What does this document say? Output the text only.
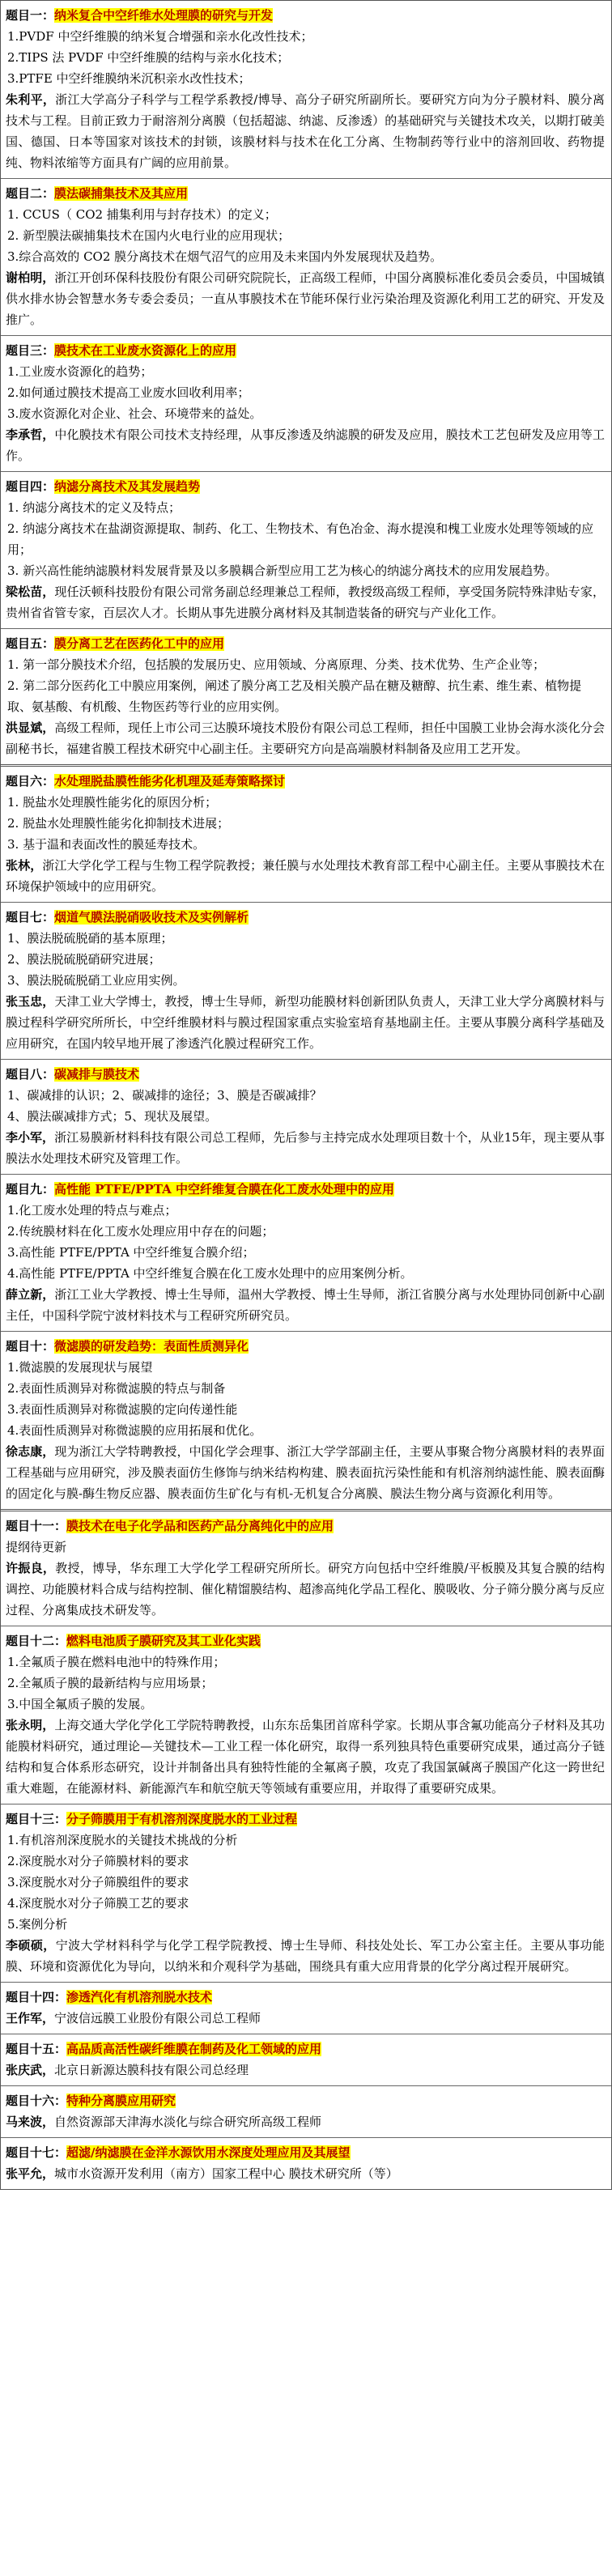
题目一：纳米复合中空纤维水处理膜的研究与开发
1.PVDF 中空纤维膜的纳米复合增强和亲水化改性技术；
2.TIPS 法 PVDF 中空纤维膜的结构与亲水化技术；
3.PTFE 中空纤维膜纳米沉积亲水改性技术；
朱利平，浙江大学高分子科学与工程学系教授/博导、高分子研究所副所长。要研究方向为分子膜材料、膜分离技术与工程。目前正致力于耐溶剂分离膜（包括超滤、纳滤、反渗透）的基础研究与关键技术攻关，以期打破美国、德国、日本等国家对该技术的封锁，该膜材料与技术在化工分离、生物制药等行业中的溶剂回收、药物提纯、物料浓缩等方面具有广阔的应用前景。
题目二：膜法碳捕集技术及其应用
1. CCUS（ CO2 捕集利用与封存技术）的定义；
2. 新型膜法碳捕集技术在国内火电行业的应用现状；
3.综合高效的 CO2 膜分离技术在烟气沼气的应用及未来国内外发展现状及趋势。
谢柏明，浙江开创环保科技股份有限公司研究院院长，正高级工程师，中国分离膜标准化委员会委员，中国城镇供水排水协会智慧水务专委会委员；一直从事膜技术在节能环保行业污染治理及资源化利用工艺的研究、开发及推广。
题目三：膜技术在工业废水资源化上的应用
1.工业废水资源化的趋势；
2.如何通过膜技术提高工业废水回收利用率；
3.废水资源化对企业、社会、环境带来的益处。
李承哲，中化膜技术有限公司技术支持经理，从事反渗透及纳滤膜的研发及应用，膜技术工艺包研发及应用等工作。
题目四：纳滤分离技术及其发展趋势
1. 纳滤分离技术的定义及特点；
2. 纳滤分离技术在盐湖资源提取、制药、化工、生物技术、有色冶金、海水提溴和槐工业废水处理等领域的应用；
3. 新兴高性能纳滤膜材料发展背景及以多膜耦合新型应用工艺为核心的纳滤分离技术的应用发展趋势。
梁松苗，现任沃顿科技股份有限公司常务副总经理兼总工程师，教授级高级工程师，享受国务院特殊津贴专家，贵州省省管专家，百层次人才。长期从事先进膜分离材料及其制造装备的研究与产业化工作。
题目五：膜分离工艺在医药化工中的应用
1. 第一部分膜技术介绍，包括膜的发展历史、应用领域、分离原理、分类、技术优势、生产企业等；
2. 第二部分医药化工中膜应用案例，阐述了膜分离工艺及相关膜产品在糖及糖醇、抗生素、维生素、植物提取、氨基酸、有机酸、生物医药等行业的应用实例。
洪显斌，高级工程师，现任上市公司三达膜环境技术股份有限公司总工程师，担任中国膜工业协会海水淡化分会副秘书长，福建省膜工程技术研究中心副主任。主要研究方向是高端膜材料制备及应用工艺开发。
题目六：水处理脱盐膜性能劣化机理及延寿策略探讨
1. 脱盐水处理膜性能劣化的原因分析；
2. 脱盐水处理膜性能劣化抑制技术进展；
3. 基于温和表面改性的膜延寿技术。
张林，浙江大学化学工程与生物工程学院教授；兼任膜与水处理技术教育部工程中心副主任。主要从事膜技术在环境保护领域中的应用研究。
题目七：烟道气膜法脱硝吸收技术及实例解析
1、膜法脱硫脱硝的基本原理；
2、膜法脱硫脱硝研究进展；
3、膜法脱硫脱硝工业应用实例。
张玉忠，天津工业大学博士，教授，博士生导师，新型功能膜材料创新团队负责人，天津工业大学分离膜材料与膜过程科学研究所所长，中空纤维膜材料与膜过程国家重点实验室培育基地副主任。主要从事膜分离科学基础及应用研究，在国内较早地开展了渗透汽化膜过程研究工作。
题目八：碳减排与膜技术
1、碳减排的认识；2、碳减排的途径；3、膜是否碳减排？
4、膜法碳减排方式；5、现状及展望。
李小军，浙江易膜新材料科技有限公司总工程师，先后参与主持完成水处理项目数十个，从业15年，现主要从事膜法水处理技术研究及管理工作。
题目九：高性能 PTFE/PPTA 中空纤维复合膜在化工废水处理中的应用
1.化工废水处理的特点与难点；
2.传统膜材料在化工废水处理应用中存在的问题；
3.高性能 PTFE/PPTA 中空纤维复合膜介绍；
4.高性能 PTFE/PPTA 中空纤维复合膜在化工废水处理中的应用案例分析。
薛立新，浙江工业大学教授、博士生导师，温州大学教授、博士生导师，浙江省膜分离与水处理协同创新中心副主任，中国科学院宁波材料技术与工程研究所研究员。
题目十：微滤膜的研发趋势：表面性质测异化
1.微滤膜的发展现状与展望
2.表面性质测异对称微滤膜的特点与制备
3.表面性质测异对称微滤膜的定向传递性能
4.表面性质测异对称微滤膜的应用拓展和优化。
徐志康，现为浙江大学特聘教授，中国化学会理事、浙江大学学部副主任，主要从事聚合物分离膜材料的表界面工程基础与应用研究，涉及膜表面仿生修饰与纳米结构构建、膜表面抗污染性能和有机溶剂纳滤性能、膜表面酶的固定化与膜-酶生物反应器、膜表面仿生矿化与有机-无机复合分离膜、膜法生物分离与资源化利用等。
题目十一：膜技术在电子化学品和医药产品分离纯化中的应用
提纲待更新
许振良，教授，博导，华东理工大学化学工程研究所所长。研究方向包括中空纤维膜/平板膜及其复合膜的结构调控、功能膜材料合成与结构控制、催化精馏膜结构、超渗高纯化学品工程化、膜吸收、分子筛分膜分离与反应过程、分离集成技术研发等。
题目十二：燃料电池质子膜研究及其工业化实践
1.全氟质子膜在燃料电池中的特殊作用；
2.全氟质子膜的最新结构与应用场景；
3.中国全氟质子膜的发展。
张永明，上海交通大学化学化工学院特聘教授，山东东岳集团首席科学家。长期从事含氟功能高分子材料及其功能膜材料研究，通过理论—关键技术—工业工程一体化研究，取得一系列独具特色重要研究成果，通过高分子链结构和复合体系形态研究，设计并制备出具有独特性能的全氟离子膜，攻克了我国氯碱离子膜国产化这一跨世纪重大难题，在能源材料、新能源汽车和航空航天等领域有重要应用，并取得了重要研究成果。
题目十三：分子筛膜用于有机溶剂深度脱水的工业过程
1.有机溶剂深度脱水的关键技术挑战的分析
2.深度脱水对分子筛膜材料的要求
3.深度脱水对分子筛膜组件的要求
4.深度脱水对分子筛膜工艺的要求
5.案例分析
李硕硕，宁波大学材料科学与化学工程学院教授、博士生导师、科技处处长、军工办公室主任。主要从事功能膜、环境和资源优化为导向，以纳米和介观科学为基础，围绕具有重大应用背景的化学分离过程开展研究。
题目十四：渗透汽化有机溶剂脱水技术
王作军，宁波信远膜工业股份有限公司总工程师
题目十五：高品质高活性碳纤维膜在制药及化工领域的应用
张庆武，北京日新源达膜科技有限公司总经理
题目十六：特种分离膜应用研究
马来波，自然资源部天津海水淡化与综合研究所高级工程师
题目十七：超滤/纳滤膜在金洋水源饮用水深度处理应用及其展望
张平允，城市水资源开发利用（南方）国家工程中心 膜技术研究所（等）
